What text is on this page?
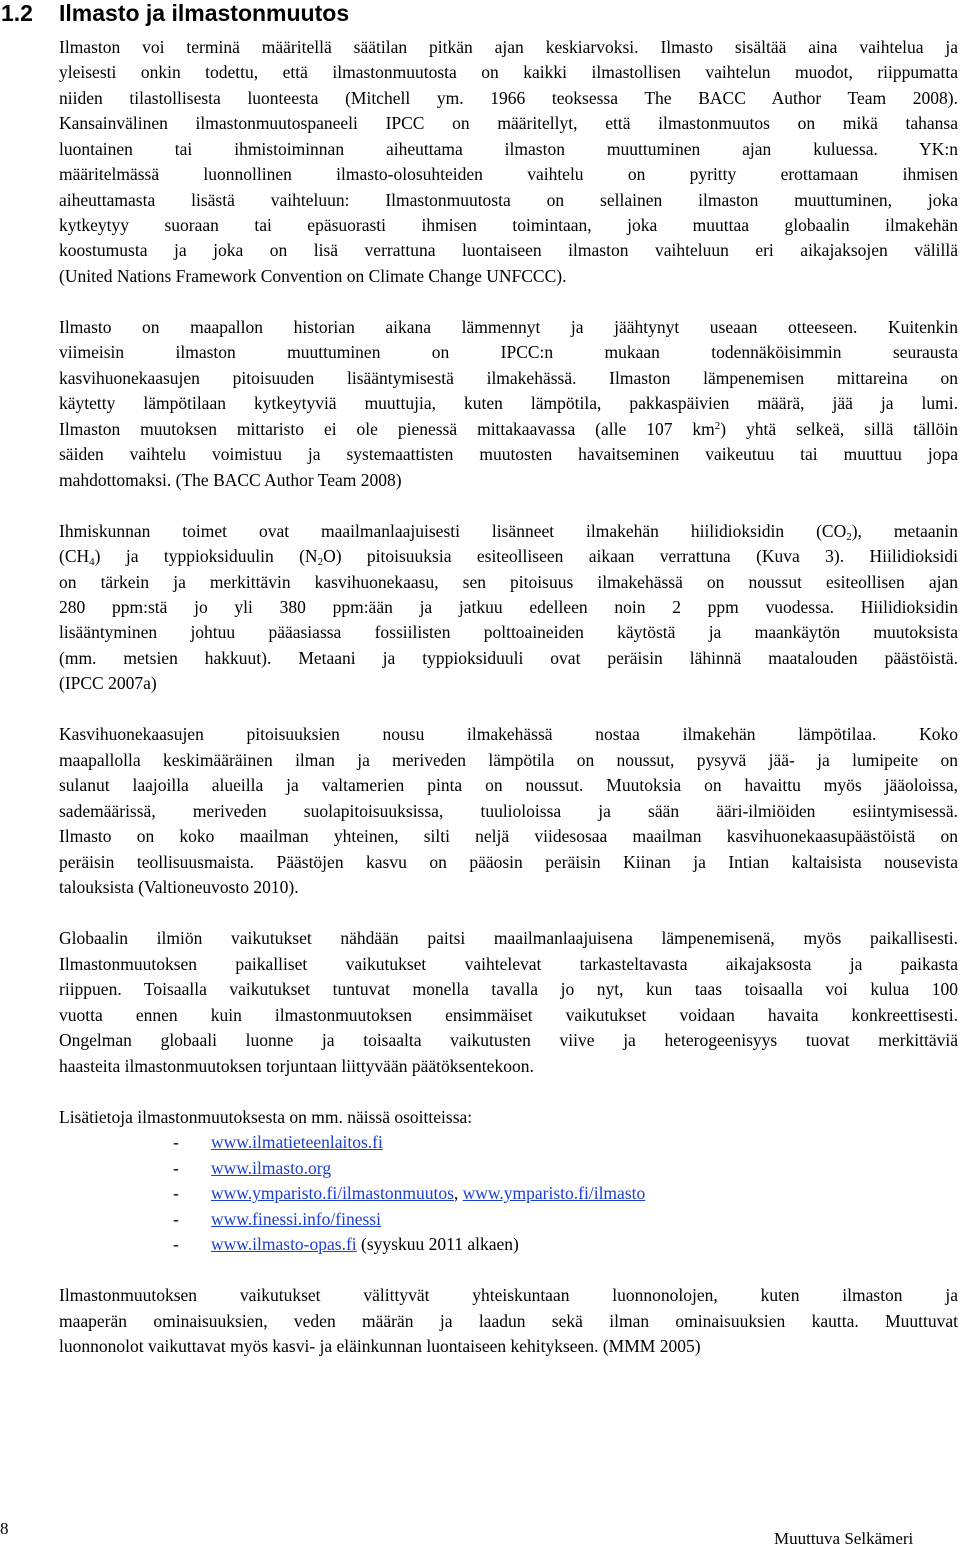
1.2 Ilmasto ja ilmastonmuutos
Ilmaston voi terminä määritellä säätilan pitkän ajan keskiarvoksi. Ilmasto sisältää aina vaihtelua ja
yleisesti onkin todettu, että ilmastonmuutosta on kaikki ilmastollisen vaihtelun muodot, riippumatta
niiden tilastollisesta luonteesta (Mitchell ym. 1966 teoksessa The BACC Author Team 2008).
Kansainvälinen ilmastonmuutospaneeli IPCC on määritellyt, että ilmastonmuutos on mikä tahansa
luontainen tai ihmistoiminnan aiheuttama ilmaston muuttuminen ajan kuluessa. YK:n
määritelmässä luonnollinen ilmasto-olosuhteiden vaihtelu on pyritty erottamaan ihmisen
aiheuttamasta lisästä vaihteluun: Ilmastonmuutosta on sellainen ilmaston muuttuminen, joka
kytkeytyy suoraan tai epäsuorasti ihmisen toimintaan, joka muuttaa globaalin ilmakehän
koostumusta ja joka on lisä verrattuna luontaiseen ilmaston vaihteluun eri aikajaksojen välillä
(United Nations Framework Convention on Climate Change UNFCCC).
Ilmasto on maapallon historian aikana lämmennyt ja jäähtynyt useaan otteeseen. Kuitenkin
viimeisin ilmaston muuttuminen on IPCC:n mukaan todennäköisimmin seurausta
kasvihuonekaasujen pitoisuuden lisääntymisestä ilmakehässä. Ilmaston lämpenemisen mittareina on
käytetty lämpötilaan kytkeytyviä muuttujia, kuten lämpötila, pakkaspäivien määrä, jää ja lumi.
Ilmaston muutoksen mittaristo ei ole pienessä mittakaavassa (alle 107 $km^2$) yhtä selkeä, sillä tällöin
säiden vaihtelu voimistuu ja systemaattisten muutosten havaitseminen vaikeutuu tai muuttuu jopa
mahdottomaksi. (The BACC Author Team 2008)
Ihmiskunnan toimet ovat maailmanlaajuisesti lisänneet ilmakehän hiilidioksidin $(CO_2)$, metaanin
$(CH_4)$ ja typpioksiduulin $(N_2O)$ pitoisuuksia esiteolliseen aikaan verrattuna (Kuva 3). Hiilidioksidi
on tärkein ja merkittävin kasvihuonekaasu, sen pitoisuus ilmakehässä on noussut esiteollisen ajan
280 ppm:stä jo yli 380 ppm:ään ja jatkuu edelleen noin 2 ppm vuodessa. Hiilidioksidin
lisääntyminen johtuu pääasiassa fossiilisten polttoaineiden käytöstä ja maankäytön muutoksista
(mm. metsien hakkuut). Metaani ja typpioksiduuli ovat peräisin lähinnä maatalouden päästöistä.
(IPCC 2007a)
Kasvihuonekaasujen pitoisuuksien nousu ilmakehässä nostaa ilmakehän lämpötilaa. Koko
maapallolla keskimääräinen ilman ja meriveden lämpötila on noussut, pysyvä jää- ja lumipeite on
sulanut laajoilla alueilla ja valtamerien pinta on noussut. Muutoksia on havaittu myös jääoloissa,
sademäärissä, meriveden suolapitoisuuksissa, tuulioloissa ja sään ääri-ilmiöiden esiintymisessä.
Ilmasto on koko maailman yhteinen, silti neljä viidesosaa maailman kasvihuonekaasupäästöistä on
peräisin teollisuusmaista. Päästöjen kasvu on pääosin peräisin Kiinan ja Intian kaltaisista nousevista
talouksista (Valtioneuvosto 2010).
Globaalin ilmiön vaikutukset nähdään paitsi maailmanlaajuisena lämpenemisenä, myös paikallisesti.
Ilmastonmuutoksen paikalliset vaikutukset vaihtelevat tarkasteltavasta aikajaksosta ja paikasta
riippuen. Toisaalla vaikutukset tuntuvat monella tavalla jo nyt, kun taas toisaalla voi kulua 100
vuotta ennen kuin ilmastonmuutoksen ensimmäiset vaikutukset voidaan havaita konkreettisesti.
Ongelman globaali luonne ja toisaalta vaikutusten viive ja heterogeenisyys tuovat merkittäviä
haasteita ilmastonmuutoksen torjuntaan liittyvään päätöksentekoon.
Lisätietoja ilmastonmuutoksesta on mm. näissä osoitteissa:
- www.ilmatieteenlaitos.fi
- www.ilmasto.org
- www.ymparisto.fi/ilmastonmuutos, www.ymparisto.fi/ilmasto
- www.finessi.info/finessi
- www.ilmasto-opas.fi (syyskuu 2011 alkaen)
Ilmastonmuutoksen vaikutukset välittyvät yhteiskuntaan luonnonolojen, kuten ilmaston ja
maaperän ominaisuuksien, veden määrän ja laadun sekä ilman ominaisuuksien kautta. Muuttuvat
luonnonolot vaikuttavat myös kasvi- ja eläinkunnan luontaiseen kehitykseen. (MMM 2005)
8
Muuttuva Selkämeri
